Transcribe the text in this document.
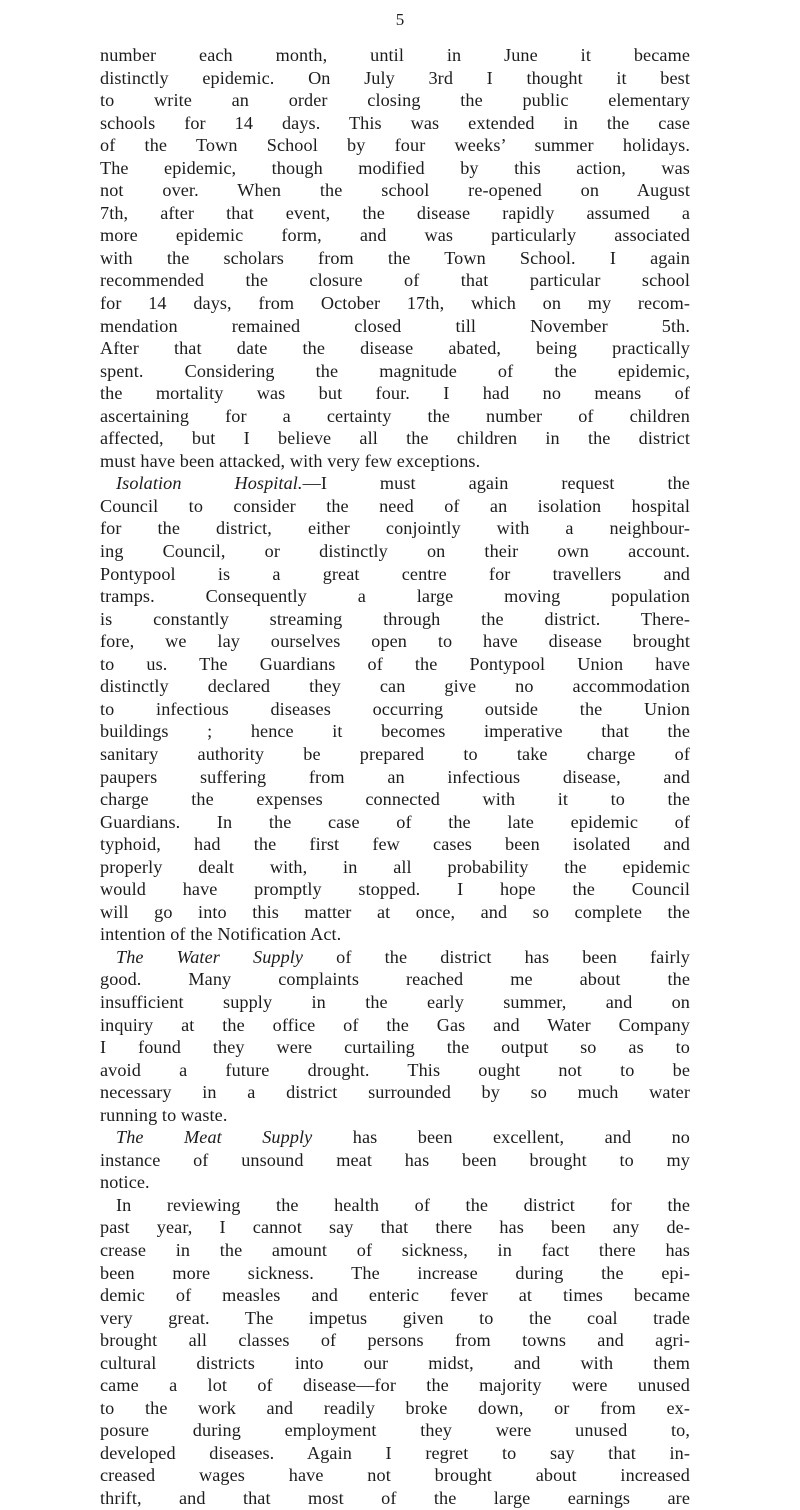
5
number each month, until in June it became
distinctly epidemic. On July 3rd I thought it best
to write an order closing the public elementary
schools for 14 days. This was extended in the case
of the Town School by four weeks’ summer holidays.
The epidemic, though modified by this action, was
not over. When the school re-opened on August
7th, after that event, the disease rapidly assumed a
more epidemic form, and was particularly associated
with the scholars from the Town School. I again
recommended the closure of that particular school
for 14 days, from October 17th, which on my recom-
mendation remained closed till November 5th.
After that date the disease abated, being practically
spent. Considering the magnitude of the epidemic,
the mortality was but four. I had no means of
ascertaining for a certainty the number of children
affected, but I believe all the children in the district
must have been attacked, with very few exceptions.
Isolation Hospital.—I must again request the
Council to consider the need of an isolation hospital
for the district, either conjointly with a neighbour-
ing Council, or distinctly on their own account.
Pontypool is a great centre for travellers and
tramps. Consequently a large moving population
is constantly streaming through the district. There-
fore, we lay ourselves open to have disease brought
to us. The Guardians of the Pontypool Union have
distinctly declared they can give no accommodation
to infectious diseases occurring outside the Union
buildings ; hence it becomes imperative that the
sanitary authority be prepared to take charge of
paupers suffering from an infectious disease, and
charge the expenses connected with it to the
Guardians. In the case of the late epidemic of
typhoid, had the first few cases been isolated and
properly dealt with, in all probability the epidemic
would have promptly stopped. I hope the Council
will go into this matter at once, and so complete the
intention of the Notification Act.
The Water Supply of the district has been fairly
good. Many complaints reached me about the
insufficient supply in the early summer, and on
inquiry at the office of the Gas and Water Company
I found they were curtailing the output so as to
avoid a future drought. This ought not to be
necessary in a district surrounded by so much water
running to waste.
The Meat Supply has been excellent, and no
instance of unsound meat has been brought to my
notice.
In reviewing the health of the district for the
past year, I cannot say that there has been any de-
crease in the amount of sickness, in fact there has
been more sickness. The increase during the epi-
demic of measles and enteric fever at times became
very great. The impetus given to the coal trade
brought all classes of persons from towns and agri-
cultural districts into our midst, and with them
came a lot of disease—for the majority were unused
to the work and readily broke down, or from ex-
posure during employment they were unused to,
developed diseases. Again I regret to say that in-
creased wages have not brought about increased
thrift, and that most of the large earnings are
